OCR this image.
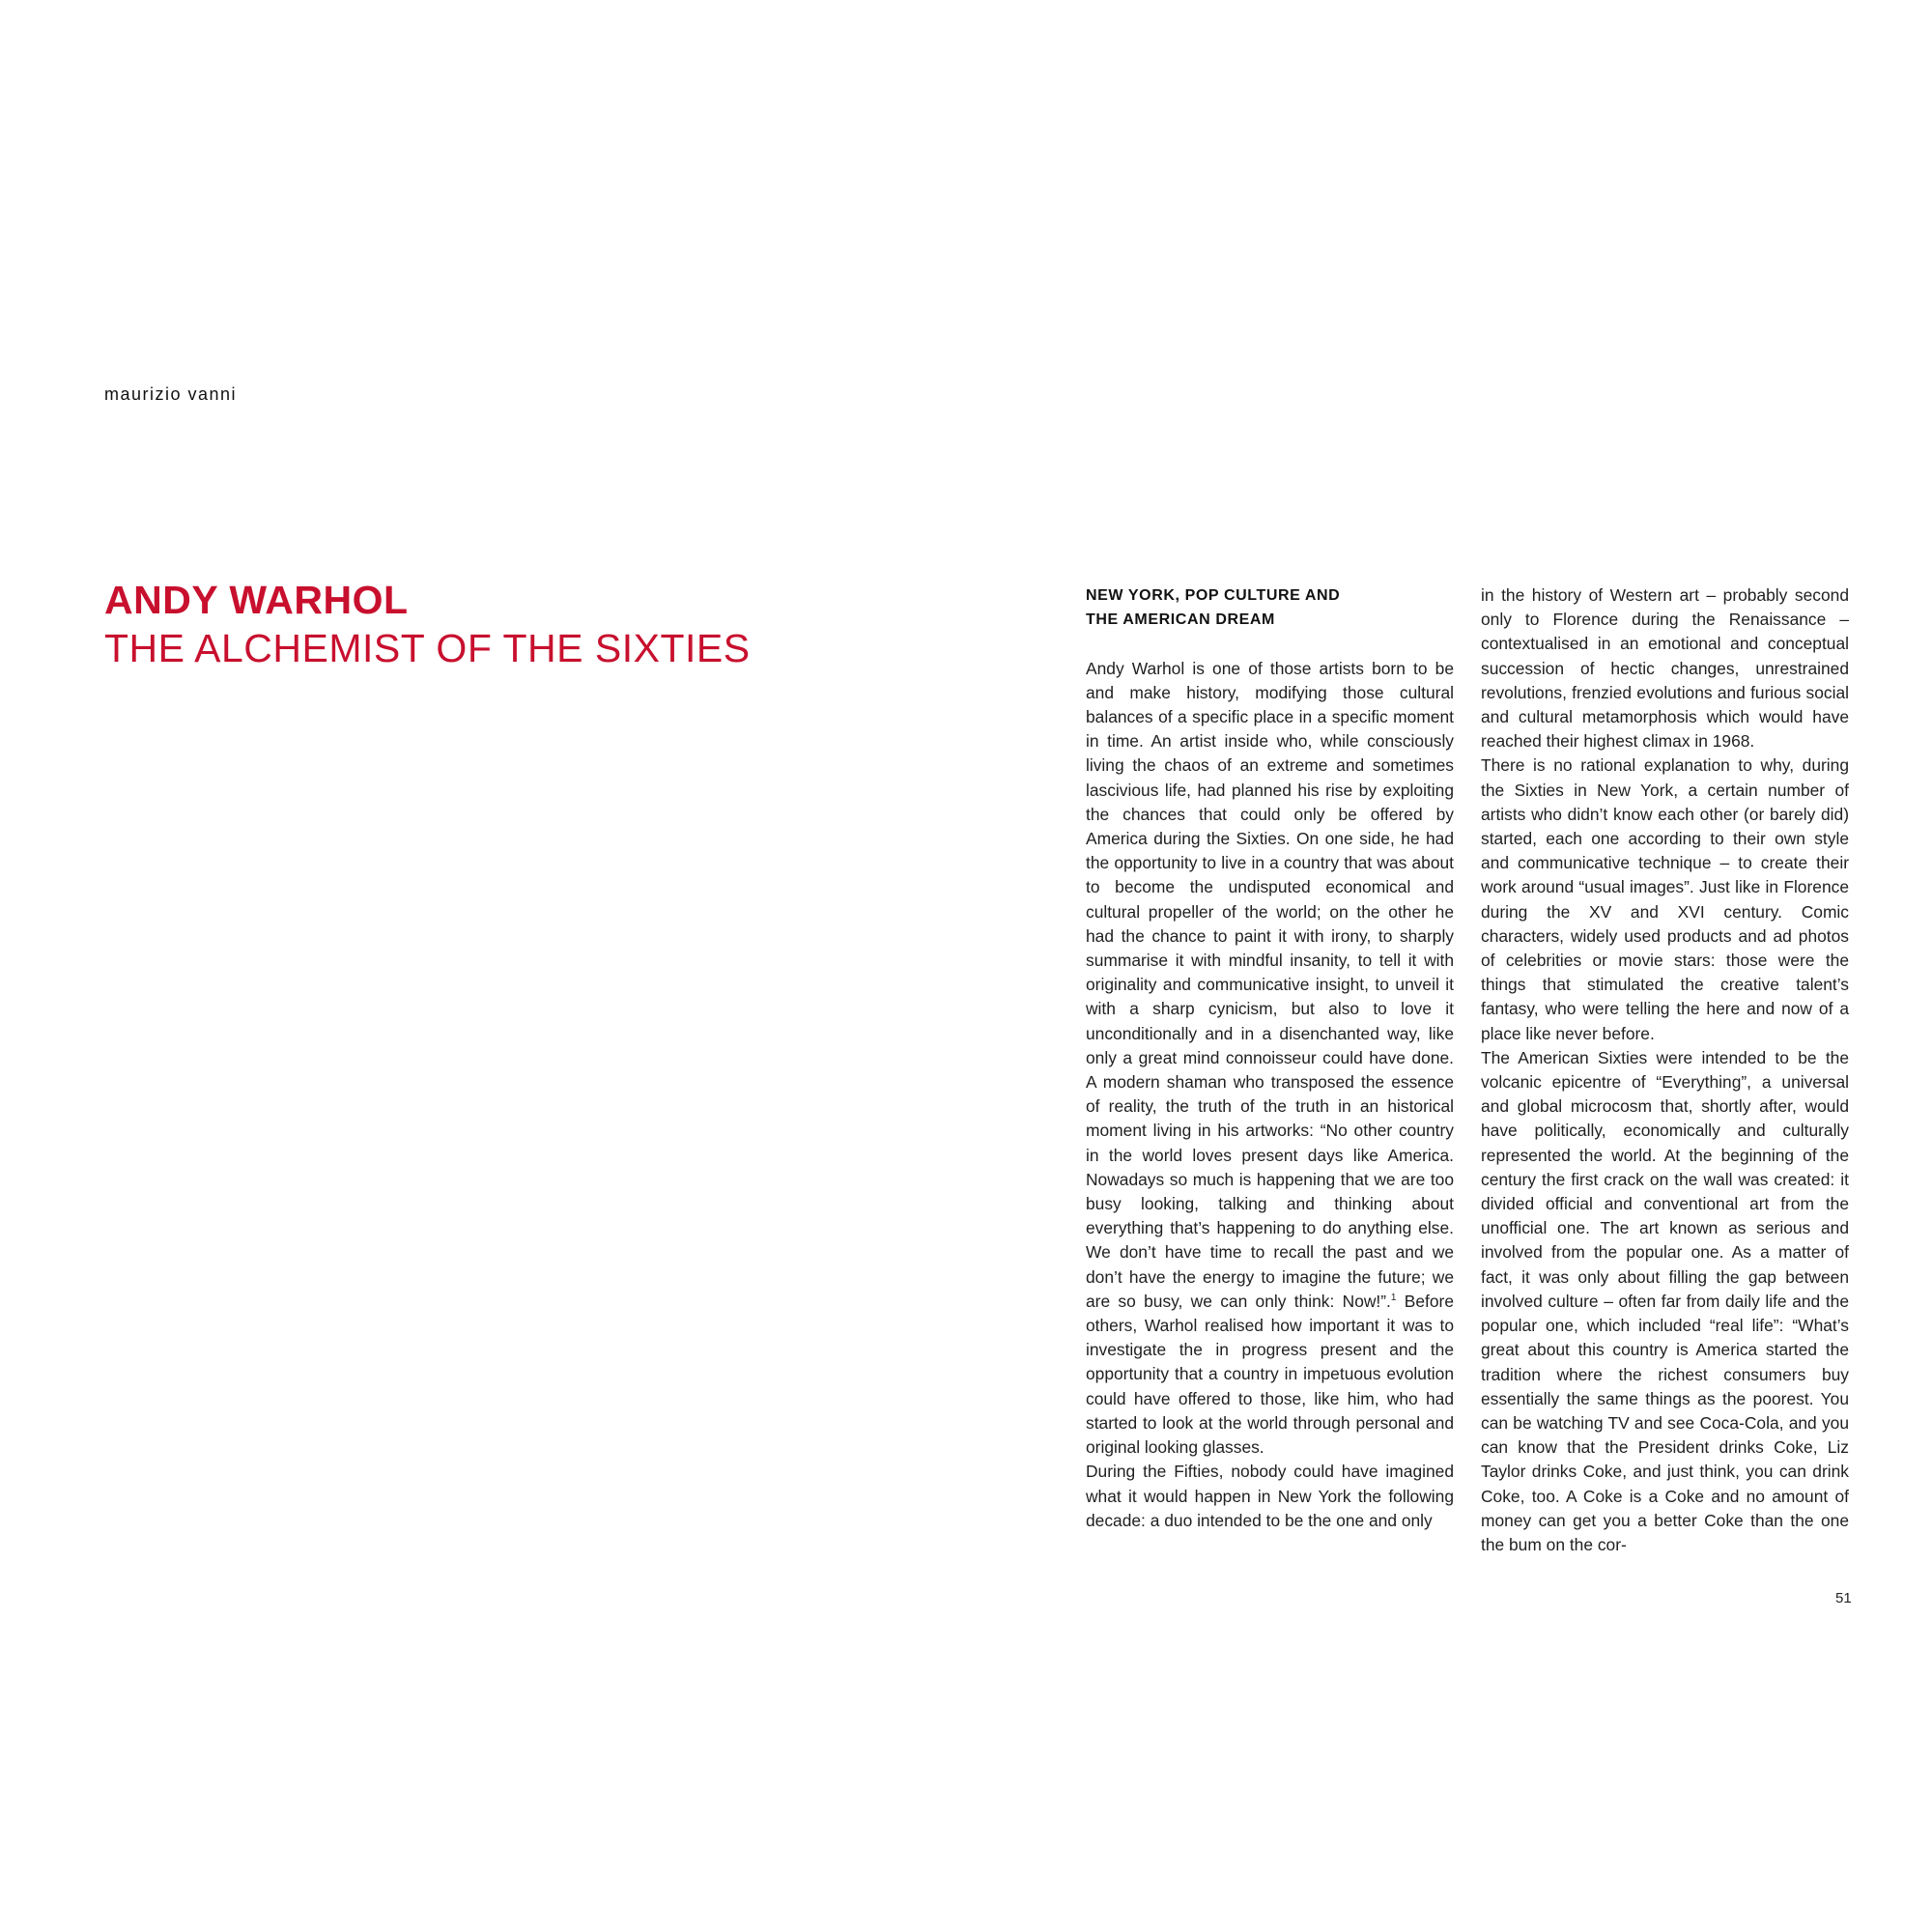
maurizio vanni
ANDY WARHOL
THE ALCHEMIST OF THE SIXTIES
NEW YORK, POP CULTURE AND
THE AMERICAN DREAM

Andy Warhol is one of those artists born to be and make history, modifying those cultural balances of a specific place in a specific moment in time. An artist inside who, while consciously living the chaos of an extreme and sometimes lascivious life, had planned his rise by exploiting the chances that could only be offered by America during the Sixties. On one side, he had the opportunity to live in a country that was about to become the undisputed economical and cultural propeller of the world; on the other he had the chance to paint it with irony, to sharply summarise it with mindful insanity, to tell it with originality and communicative insight, to unveil it with a sharp cynicism, but also to love it unconditionally and in a disenchanted way, like only a great mind connoisseur could have done. A modern shaman who transposed the essence of reality, the truth of the truth in an historical moment living in his artworks: “No other country in the world loves present days like America. Nowadays so much is happening that we are too busy looking, talking and thinking about everything that’s happening to do anything else. We don’t have time to recall the past and we don’t have the energy to imagine the future; we are so busy, we can only think: Now!”.$^1$ Before others, Warhol realised how important it was to investigate the in progress present and the opportunity that a country in impetuous evolution could have offered to those, like him, who had started to look at the world through personal and original looking glasses.

During the Fifties, nobody could have imagined what it would happen in New York the following decade: a duo intended to be the one and only

in the history of Western art – probably second only to Florence during the Renaissance – contextualised in an emotional and conceptual succession of hectic changes, unrestrained revolutions, frenzied evolutions and furious social and cultural metamorphosis which would have reached their highest climax in 1968.

There is no rational explanation to why, during the Sixties in New York, a certain number of artists who didn’t know each other (or barely did) started, each one according to their own style and communicative technique – to create their work around “usual images”. Just like in Florence during the XV and XVI century. Comic characters, widely used products and ad photos of celebrities or movie stars: those were the things that stimulated the creative talent’s fantasy, who were telling the here and now of a place like never before.

The American Sixties were intended to be the volcanic epicentre of “Everything”, a universal and global microcosm that, shortly after, would have politically, economically and culturally represented the world. At the beginning of the century the first crack on the wall was created: it divided official and conventional art from the unofficial one. The art known as serious and involved from the popular one. As a matter of fact, it was only about filling the gap between involved culture – often far from daily life and the popular one, which included “real life”: “What’s great about this country is America started the tradition where the richest consumers buy essentially the same things as the poorest. You can be watching TV and see Coca-Cola, and you can know that the President drinks Coke, Liz Taylor drinks Coke, and just think, you can drink Coke, too. A Coke is a Coke and no amount of money can get you a better Coke than the one the bum on the cor-

51
